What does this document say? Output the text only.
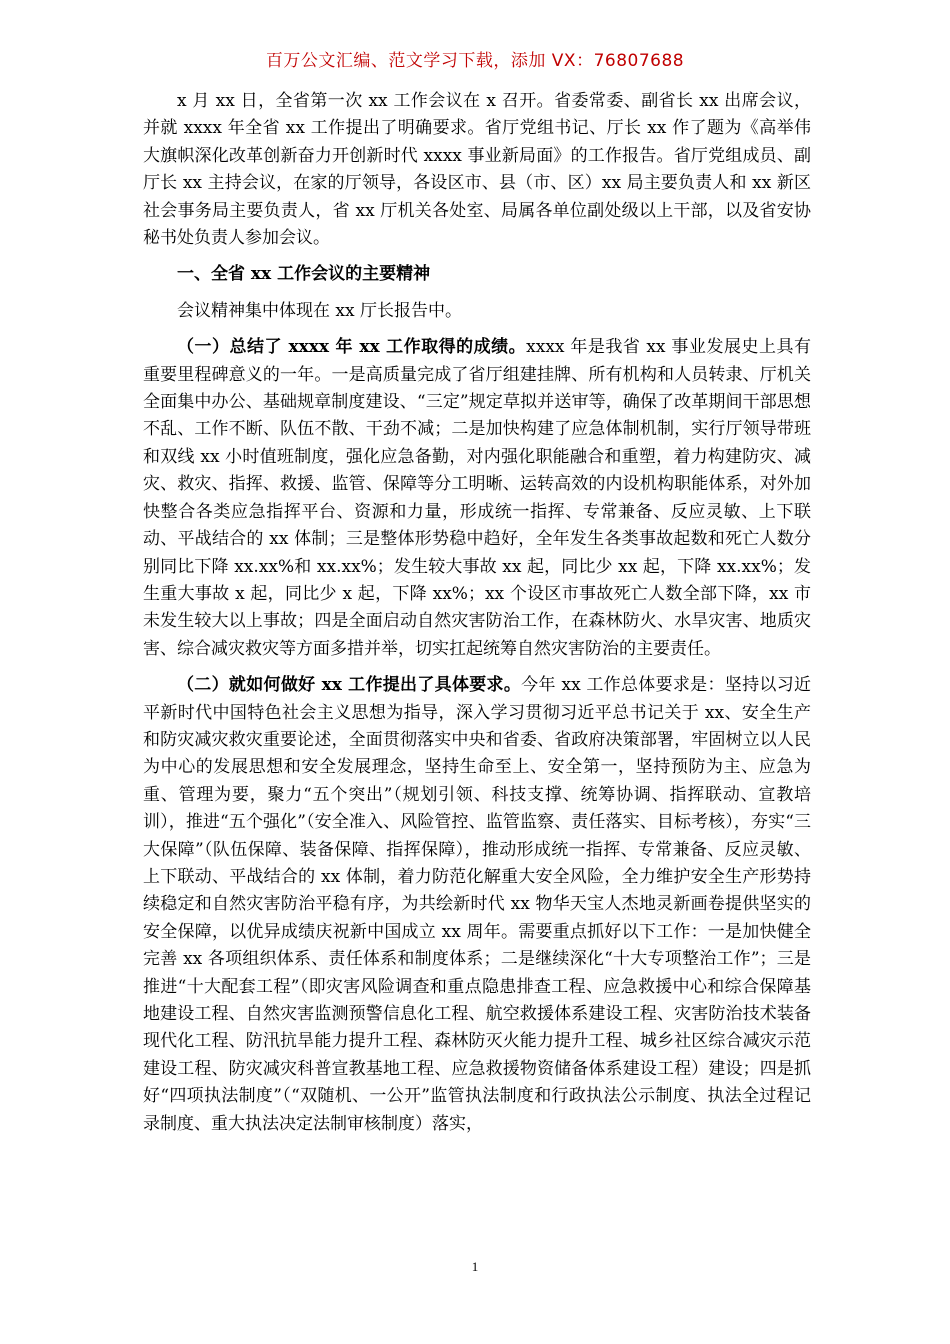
百万公文汇编、范文学习下载，添加 VX：76807688

x 月 xx 日，全省第一次 xx 工作会议在 x 召开。省委常委、副省长 xx 出席会议，并就 xxxx 年全省 xx 工作提出了明确要求。省厅党组书记、厅长 xx 作了题为《高举伟大旗帜深化改革创新奋力开创新时代 xxxx 事业新局面》的工作报告。省厅党组成员、副厅长 xx 主持会议，在家的厅领导，各设区市、县（市、区）xx 局主要负责人和 xx 新区社会事务局主要负责人，省 xx 厅机关各处室、局属各单位副处级以上干部，以及省安协秘书处负责人参加会议。

一、全省 xx 工作会议的主要精神

会议精神集中体现在 xx 厅长报告中。

（一）总结了 xxxx 年 xx 工作取得的成绩。xxxx 年是我省 xx 事业发展史上具有重要里程碑意义的一年。一是高质量完成了省厅组建挂牌、所有机构和人员转隶、厅机关全面集中办公、基础规章制度建设、“三定”规定草拟并送审等，确保了改革期间干部思想不乱、工作不断、队伍不散、干劲不减；二是加快构建了应急体制机制，实行厅领导带班和双线 xx 小时值班制度，强化应急备勤，对内强化职能融合和重塑，着力构建防灾、减灾、救灾、指挥、救援、监管、保障等分工明晰、运转高效的内设机构职能体系，对外加快整合各类应急指挥平台、资源和力量，形成统一指挥、专常兼备、反应灵敏、上下联动、平战结合的 xx 体制；三是整体形势稳中趋好，全年发生各类事故起数和死亡人数分别同比下降 xx.xx%和 xx.xx%；发生较大事故 xx 起，同比少 xx 起，下降 xx.xx%；发生重大事故 x 起，同比少 x 起，下降 xx%；xx 个设区市事故死亡人数全部下降，xx 市未发生较大以上事故；四是全面启动自然灾害防治工作，在森林防火、水旱灾害、地质灾害、综合减灾救灾等方面多措并举，切实扛起统筹自然灾害防治的主要责任。

（二）就如何做好 xx 工作提出了具体要求。今年 xx 工作总体要求是：坚持以习近平新时代中国特色社会主义思想为指导，深入学习贯彻习近平总书记关于 xx、安全生产和防灾减灾救灾重要论述，全面贯彻落实中央和省委、省政府决策部署，牢固树立以人民为中心的发展思想和安全发展理念，坚持生命至上、安全第一，坚持预防为主、应急为重、管理为要，聚力“五个突出”（规划引领、科技支撑、统筹协调、指挥联动、宣教培训），推进“五个强化”（安全准入、风险管控、监管监察、责任落实、目标考核），夯实“三大保障”（队伍保障、装备保障、指挥保障），推动形成统一指挥、专常兼备、反应灵敏、上下联动、平战结合的 xx 体制，着力防范化解重大安全风险，全力维护安全生产形势持续稳定和自然灾害防治平稳有序，为共绘新时代 xx 物华天宝人杰地灵新画卷提供坚实的安全保障，以优异成绩庆祝新中国成立 xx 周年。需要重点抓好以下工作：一是加快健全完善 xx 各项组织体系、责任体系和制度体系；二是继续深化“十大专项整治工作”；三是推进“十大配套工程”（即灾害风险调查和重点隐患排查工程、应急救援中心和综合保障基地建设工程、自然灾害监测预警信息化工程、航空救援体系建设工程、灾害防治技术装备现代化工程、防汛抗旱能力提升工程、森林防灭火能力提升工程、城乡社区综合减灾示范建设工程、防灾减灾科普宣教基地工程、应急救援物资储备体系建设工程）建设；四是抓好“四项执法制度”（“双随机、一公开”监管执法制度和行政执法公示制度、执法全过程记录制度、重大执法决定法制审核制度）落实，

1
